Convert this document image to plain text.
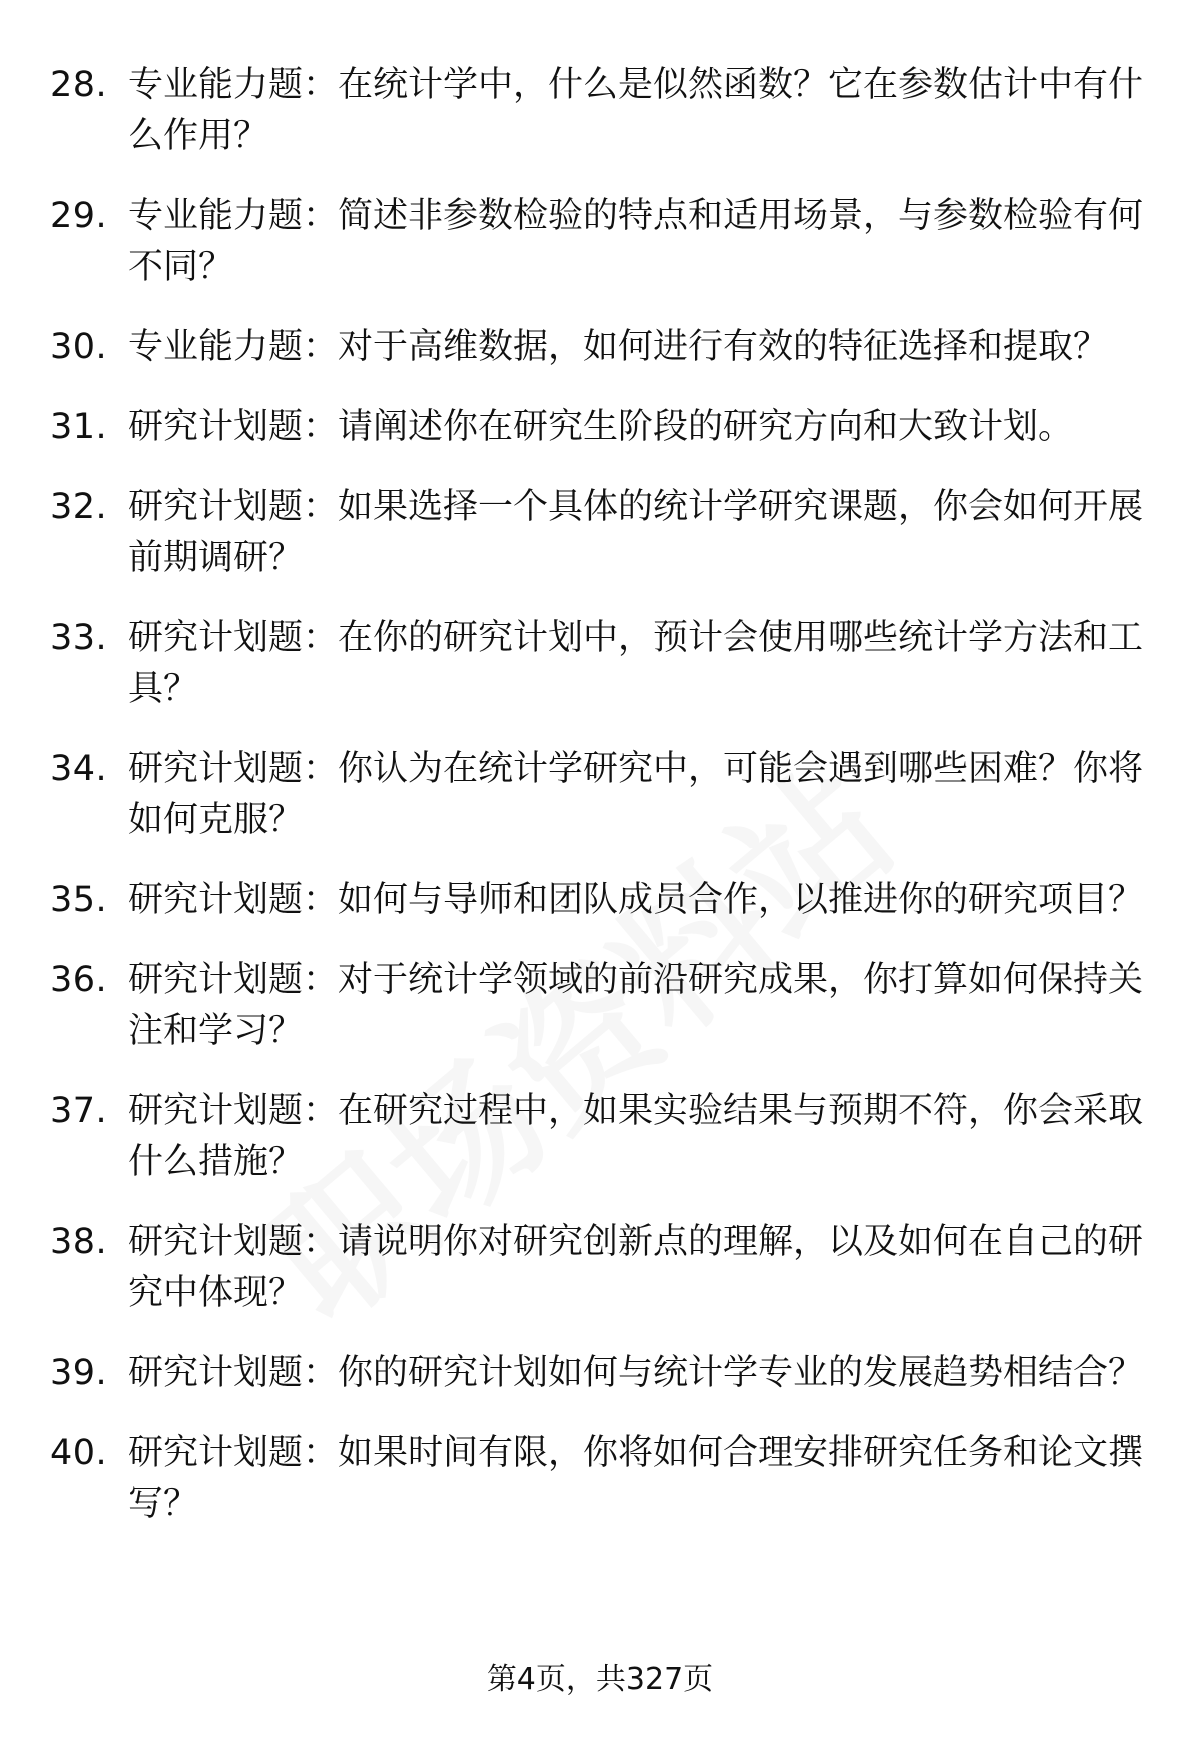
28. 专业能力题：在统计学中，什么是似然函数？它在参数估计中有什么作用？
29. 专业能力题：简述非参数检验的特点和适用场景，与参数检验有何不同？
30. 专业能力题：对于高维数据，如何进行有效的特征选择和提取？
31. 研究计划题：请阐述你在研究生阶段的研究方向和大致计划。
32. 研究计划题：如果选择一个具体的统计学研究课题，你会如何开展前期调研？
33. 研究计划题：在你的研究计划中，预计会使用哪些统计学方法和工具？
34. 研究计划题：你认为在统计学研究中，可能会遇到哪些困难？你将如何克服？
35. 研究计划题：如何与导师和团队成员合作，以推进你的研究项目？
36. 研究计划题：对于统计学领域的前沿研究成果，你打算如何保持关注和学习？
37. 研究计划题：在研究过程中，如果实验结果与预期不符，你会采取什么措施？
38. 研究计划题：请说明你对研究创新点的理解，以及如何在自己的研究中体现？
39. 研究计划题：你的研究计划如何与统计学专业的发展趋势相结合？
40. 研究计划题：如果时间有限，你将如何合理安排研究任务和论文撰写？
第4页，共327页
